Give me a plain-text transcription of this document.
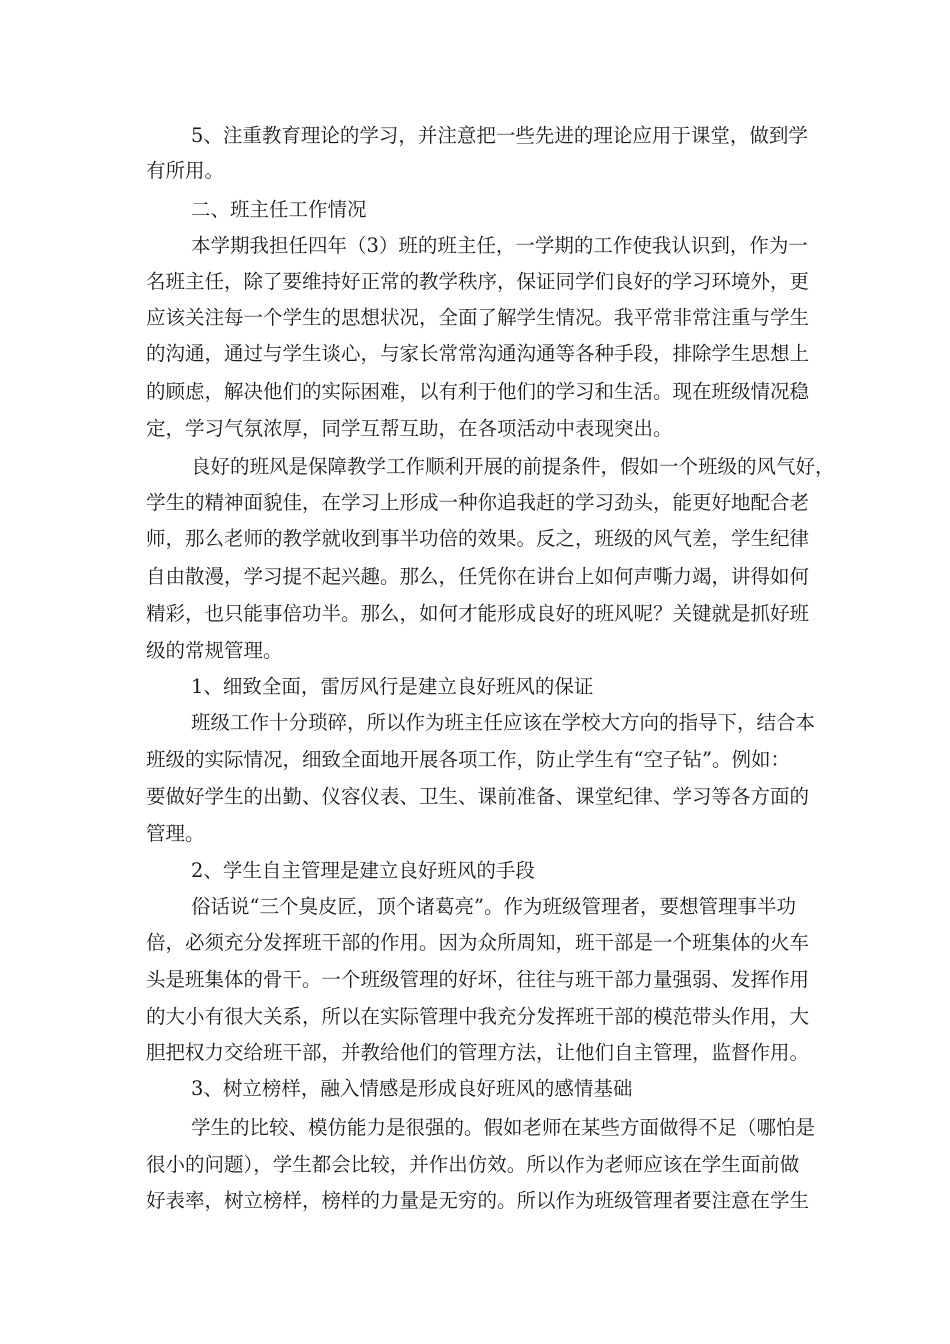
5、注重教育理论的学习，并注意把一些先进的理论应用于课堂，做到学
有所用。
二、班主任工作情况
本学期我担任四年（3）班的班主任，一学期的工作使我认识到，作为一
名班主任，除了要维持好正常的教学秩序，保证同学们良好的学习环境外，更
应该关注每一个学生的思想状况，全面了解学生情况。我平常非常注重与学生
的沟通，通过与学生谈心，与家长常常沟通沟通等各种手段，排除学生思想上
的顾虑，解决他们的实际困难，以有利于他们的学习和生活。现在班级情况稳
定，学习气氛浓厚，同学互帮互助，在各项活动中表现突出。
良好的班风是保障教学工作顺利开展的前提条件，假如一个班级的风气好，
学生的精神面貌佳，在学习上形成一种你追我赶的学习劲头，能更好地配合老
师，那么老师的教学就收到事半功倍的效果。反之，班级的风气差，学生纪律
自由散漫，学习提不起兴趣。那么，任凭你在讲台上如何声嘶力竭，讲得如何
精彩，也只能事倍功半。那么，如何才能形成良好的班风呢？关键就是抓好班
级的常规管理。
1、细致全面，雷厉风行是建立良好班风的保证
班级工作十分琐碎，所以作为班主任应该在学校大方向的指导下，结合本
班级的实际情况，细致全面地开展各项工作，防止学生有“空子钻”。例如：
要做好学生的出勤、仪容仪表、卫生、课前准备、课堂纪律、学习等各方面的
管理。
2、学生自主管理是建立良好班风的手段
俗话说“三个臭皮匠，顶个诸葛亮”。作为班级管理者，要想管理事半功
倍，必须充分发挥班干部的作用。因为众所周知，班干部是一个班集体的火车
头是班集体的骨干。一个班级管理的好坏，往往与班干部力量强弱、发挥作用
的大小有很大关系，所以在实际管理中我充分发挥班干部的模范带头作用，大
胆把权力交给班干部，并教给他们的管理方法，让他们自主管理，监督作用。
3、树立榜样，融入情感是形成良好班风的感情基础
学生的比较、模仿能力是很强的。假如老师在某些方面做得不足（哪怕是
很小的问题），学生都会比较，并作出仿效。所以作为老师应该在学生面前做
好表率，树立榜样，榜样的力量是无穷的。所以作为班级管理者要注意在学生
